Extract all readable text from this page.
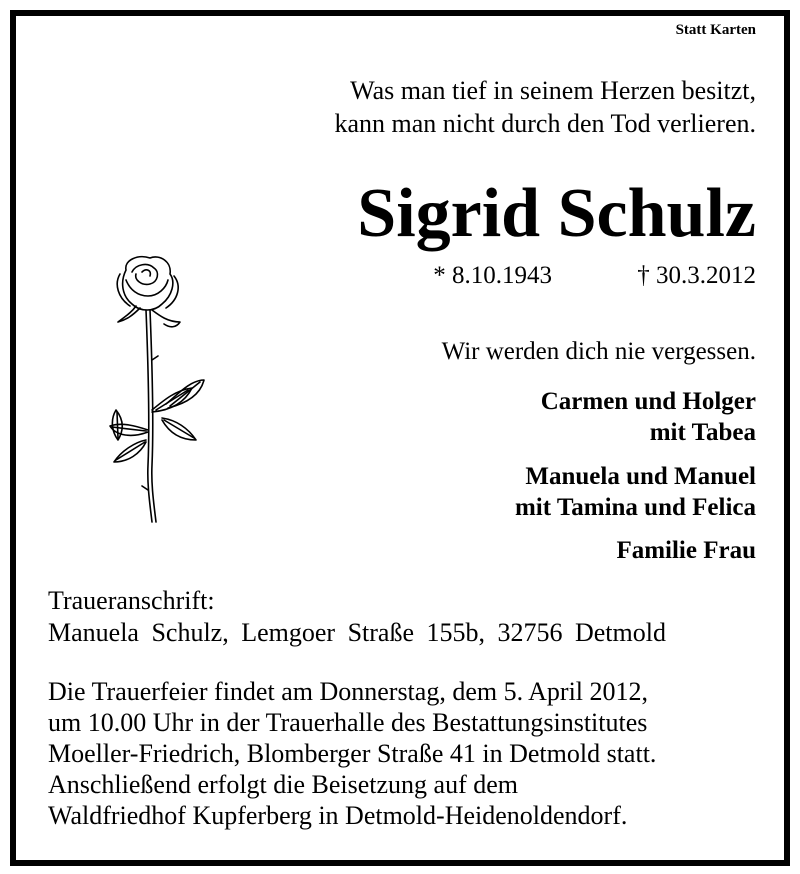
Statt Karten
Was man tief in seinem Herzen besitzt,
kann man nicht durch den Tod verlieren.
Sigrid Schulz
* 8.10.1943	† 30.3.2012
Wir werden dich nie vergessen.
Carmen und Holger
mit Tabea
Manuela und Manuel
mit Tamina und Felica
Familie Frau
Traueranschrift:
Manuela Schulz, Lemgoer Straße 155b, 32756 Detmold
Die Trauerfeier findet am Donnerstag, dem 5. April 2012,
um 10.00 Uhr in der Trauerhalle des Bestattungsinstitutes
Moeller-Friedrich, Blomberger Straße 41 in Detmold statt.
Anschließend erfolgt die Beisetzung auf dem
Waldfriedhof Kupferberg in Detmold-Heidenoldendorf.
